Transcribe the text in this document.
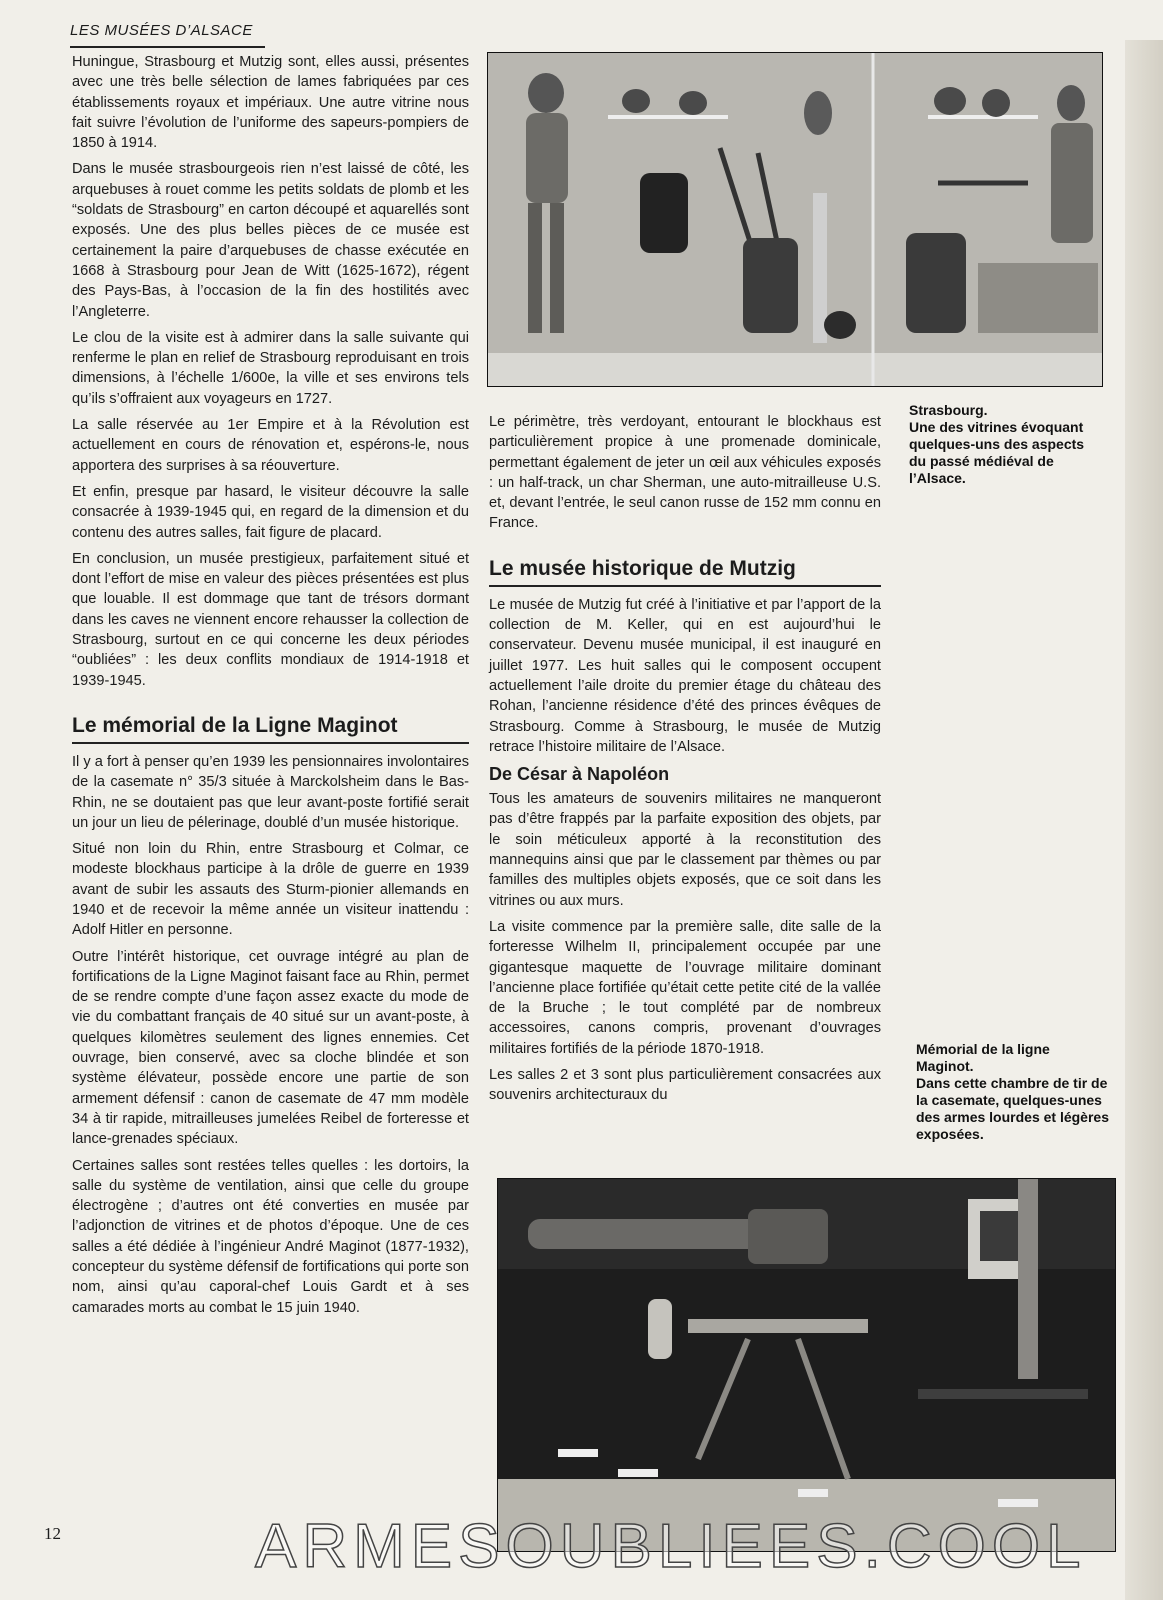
LES MUSÉES D’ALSACE

Huningue, Strasbourg et Mutzig sont, elles aussi, présentes avec une très belle sélection de lames fabriquées par ces établissements royaux et impériaux. Une autre vitrine nous fait suivre l’évolution de l’uniforme des sapeurs-pompiers de 1850 à 1914.

Dans le musée strasbourgeois rien n’est laissé de côté, les arquebuses à rouet comme les petits soldats de plomb et les “soldats de Strasbourg” en carton découpé et aquarellés sont exposés. Une des plus belles pièces de ce musée est certainement la paire d’arquebuses de chasse exécutée en 1668 à Strasbourg pour Jean de Witt (1625-1672), régent des Pays-Bas, à l’occasion de la fin des hostilités avec l’Angleterre.

Le clou de la visite est à admirer dans la salle suivante qui renferme le plan en relief de Strasbourg reproduisant en trois dimensions, à l’échelle 1/600e, la ville et ses environs tels qu’ils s’offraient aux voyageurs en 1727.

La salle réservée au 1er Empire et à la Révolution est actuellement en cours de rénovation et, espérons-le, nous apportera des surprises à sa réouverture.

Et enfin, presque par hasard, le visiteur découvre la salle consacrée à 1939-1945 qui, en regard de la dimension et du contenu des autres salles, fait figure de placard.

En conclusion, un musée prestigieux, parfaitement situé et dont l’effort de mise en valeur des pièces présentées est plus que louable. Il est dommage que tant de trésors dormant dans les caves ne viennent encore rehausser la collection de Strasbourg, surtout en ce qui concerne les deux périodes “oubliées” : les deux conflits mondiaux de 1914-1918 et 1939-1945.

Le mémorial de la Ligne Maginot

Il y a fort à penser qu’en 1939 les pensionnaires involontaires de la casemate n° 35/3 située à Marckolsheim dans le Bas-Rhin, ne se doutaient pas que leur avant-poste fortifié serait un jour un lieu de pélerinage, doublé d’un musée historique.

Situé non loin du Rhin, entre Strasbourg et Colmar, ce modeste blockhaus participe à la drôle de guerre en 1939 avant de subir les assauts des Sturm-pionier allemands en 1940 et de recevoir la même année un visiteur inattendu : Adolf Hitler en personne.

Outre l’intérêt historique, cet ouvrage intégré au plan de fortifications de la Ligne Maginot faisant face au Rhin, permet de se rendre compte d’une façon assez exacte du mode de vie du combattant français de 40 situé sur un avant-poste, à quelques kilomètres seulement des lignes ennemies. Cet ouvrage, bien conservé, avec sa cloche blindée et son système élévateur, possède encore une partie de son armement défensif : canon de casemate de 47 mm modèle 34 à tir rapide, mitrailleuses jumelées Reibel de forteresse et lance-grenades spéciaux.

Certaines salles sont restées telles quelles : les dortoirs, la salle du système de ventilation, ainsi que celle du groupe électrogène ; d’autres ont été converties en musée par l’adjonction de vitrines et de photos d’époque. Une de ces salles a été dédiée à l’ingénieur André Maginot (1877-1932), concepteur du système défensif de fortifications qui porte son nom, ainsi qu’au caporal-chef Louis Gardt et à ses camarades morts au combat le 15 juin 1940.

Strasbourg.
Une des vitrines évoquant quelques-uns des aspects du passé médiéval de l’Alsace.

Le périmètre, très verdoyant, entourant le blockhaus est particulièrement propice à une promenade dominicale, permettant également de jeter un œil aux véhicules exposés : un half-track, un char Sherman, une auto-mitrailleuse U.S. et, devant l’entrée, le seul canon russe de 152 mm connu en France.

Le musée historique de Mutzig

Le musée de Mutzig fut créé à l’initiative et par l’apport de la collection de M. Keller, qui en est aujourd’hui le conservateur. Devenu musée municipal, il est inauguré en juillet 1977. Les huit salles qui le composent occupent actuellement l’aile droite du premier étage du château des Rohan, l’ancienne résidence d’été des princes évêques de Strasbourg. Comme à Strasbourg, le musée de Mutzig retrace l’histoire militaire de l’Alsace.

De César à Napoléon

Tous les amateurs de souvenirs militaires ne manqueront pas d’être frappés par la parfaite exposition des objets, par le soin méticuleux apporté à la reconstitution des mannequins ainsi que par le classement par thèmes ou par familles des multiples objets exposés, que ce soit dans les vitrines ou aux murs.

La visite commence par la première salle, dite salle de la forteresse Wilhelm II, principalement occupée par une gigantesque maquette de l’ouvrage militaire dominant l’ancienne place fortifiée qu’était cette petite cité de la vallée de la Bruche ; le tout complété par de nombreux accessoires, canons compris, provenant d’ouvrages militaires fortifiés de la période 1870-1918.

Les salles 2 et 3 sont plus particulièrement consacrées aux souvenirs architecturaux du

Mémorial de la ligne Maginot.
Dans cette chambre de tir de la casemate, quelques-unes des armes lourdes et légères exposées.
12	ARMESOUBLIEES.COOL
